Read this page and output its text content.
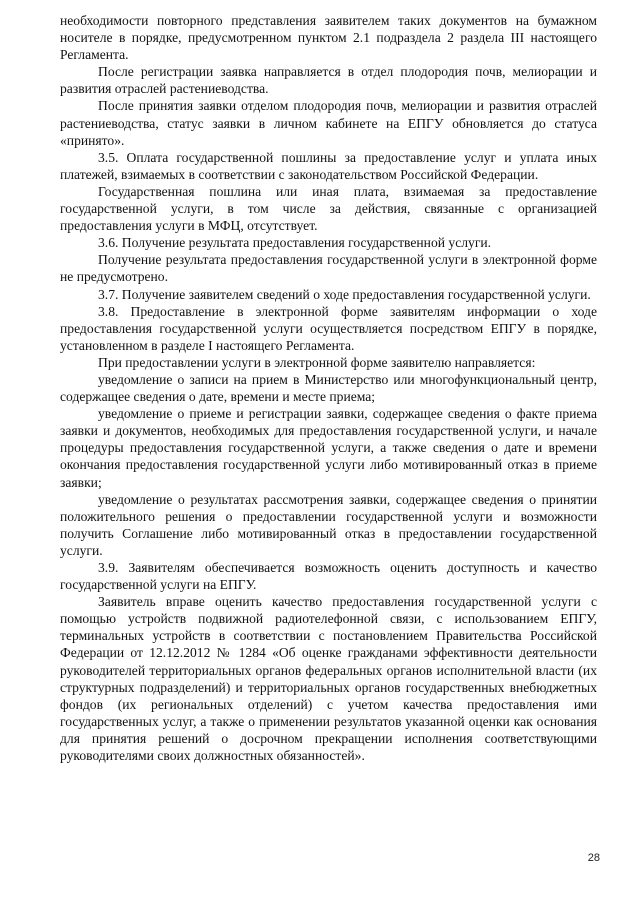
необходимости повторного представления заявителем таких документов на бумажном носителе в порядке, предусмотренном пунктом 2.1 подраздела 2 раздела III настоящего Регламента.

После регистрации заявка направляется в отдел плодородия почв, мелиорации и развития отраслей растениеводства.

После принятия заявки отделом плодородия почв, мелиорации и развития отраслей растениеводства, статус заявки в личном кабинете на ЕПГУ обновляется до статуса «принято».

3.5. Оплата государственной пошлины за предоставление услуг и уплата иных платежей, взимаемых в соответствии с законодательством Российской Федерации.

Государственная пошлина или иная плата, взимаемая за предоставление государственной услуги, в том числе за действия, связанные с организацией предоставления услуги в МФЦ, отсутствует.

3.6. Получение результата предоставления государственной услуги.

Получение результата предоставления государственной услуги в электронной форме не предусмотрено.

3.7. Получение заявителем сведений о ходе предоставления государственной услуги.

3.8. Предоставление в электронной форме заявителям информации о ходе предоставления государственной услуги осуществляется посредством ЕПГУ в порядке, установленном в разделе I настоящего Регламента.

При предоставлении услуги в электронной форме заявителю направляется:

уведомление о записи на прием в Министерство или многофункциональный центр, содержащее сведения о дате, времени и месте приема;

уведомление о приеме и регистрации заявки, содержащее сведения о факте приема заявки и документов, необходимых для предоставления государственной услуги, и начале процедуры предоставления государственной услуги, а также сведения о дате и времени окончания предоставления государственной услуги либо мотивированный отказ в приеме заявки;

уведомление о результатах рассмотрения заявки, содержащее сведения о принятии положительного решения о предоставлении государственной услуги и возможности получить Соглашение либо мотивированный отказ в предоставлении государственной услуги.

3.9. Заявителям обеспечивается возможность оценить доступность и качество государственной услуги на ЕПГУ.

Заявитель вправе оценить качество предоставления государственной услуги с помощью устройств подвижной радиотелефонной связи, с использованием ЕПГУ, терминальных устройств в соответствии с постановлением Правительства Российской Федерации от 12.12.2012 № 1284 «Об оценке гражданами эффективности деятельности руководителей территориальных органов федеральных органов исполнительной власти (их структурных подразделений) и территориальных органов государственных внебюджетных фондов (их региональных отделений) с учетом качества предоставления ими государственных услуг, а также о применении результатов указанной оценки как основания для принятия решений о досрочном прекращении исполнения соответствующими руководителями своих должностных обязанностей».

28
